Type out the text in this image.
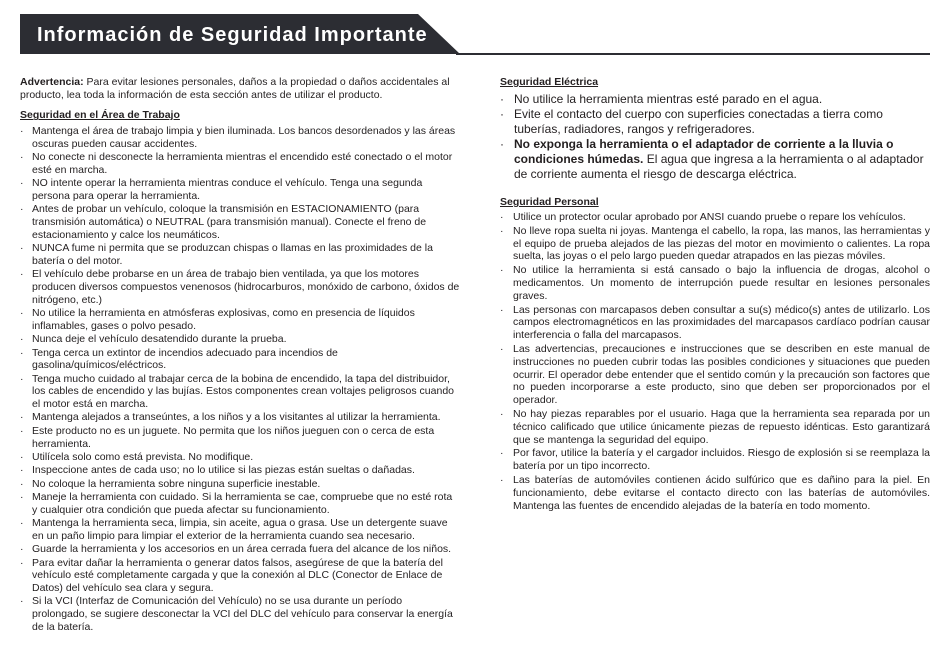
Información de Seguridad Importante

Advertencia: Para evitar lesiones personales, daños a la propiedad o daños accidentales al producto, lea toda la información de esta sección antes de utilizar el producto.

Seguridad en el Área de Trabajo
· Mantenga el área de trabajo limpia y bien iluminada. Los bancos desordenados y las áreas oscuras pueden causar accidentes.
· No conecte ni desconecte la herramienta mientras el encendido esté conectado o el motor esté en marcha.
· NO intente operar la herramienta mientras conduce el vehículo. Tenga una segunda persona para operar la herramienta.
· Antes de probar un vehículo, coloque la transmisión en ESTACIONAMIENTO (para transmisión automática) o NEUTRAL (para transmisión manual). Conecte el freno de estacionamiento y calce los neumáticos.
· NUNCA fume ni permita que se produzcan chispas o llamas en las proximidades de la batería o del motor.
· El vehículo debe probarse en un área de trabajo bien ventilada, ya que los motores producen diversos compuestos venenosos (hidrocarburos, monóxido de carbono, óxidos de nitrógeno, etc.)
· No utilice la herramienta en atmósferas explosivas, como en presencia de líquidos inflamables, gases o polvo pesado.
· Nunca deje el vehículo desatendido durante la prueba.
· Tenga cerca un extintor de incendios adecuado para incendios de gasolina/químicos/eléctricos.
· Tenga mucho cuidado al trabajar cerca de la bobina de encendido, la tapa del distribuidor, los cables de encendido y las bujías. Estos componentes crean voltajes peligrosos cuando el motor está en marcha.
· Mantenga alejados a transeúntes, a los niños y a los visitantes al utilizar la herramienta.
· Este producto no es un juguete. No permita que los niños jueguen con o cerca de esta herramienta.
· Utilícela solo como está prevista. No modifique.
· Inspeccione antes de cada uso; no lo utilice si las piezas están sueltas o dañadas.
· No coloque la herramienta sobre ninguna superficie inestable.
· Maneje la herramienta con cuidado. Si la herramienta se cae, compruebe que no esté rota y cualquier otra condición que pueda afectar su funcionamiento.
· Mantenga la herramienta seca, limpia, sin aceite, agua o grasa. Use un detergente suave en un paño limpio para limpiar el exterior de la herramienta cuando sea necesario.
· Guarde la herramienta y los accesorios en un área cerrada fuera del alcance de los niños.
· Para evitar dañar la herramienta o generar datos falsos, asegúrese de que la batería del vehículo esté completamente cargada y que la conexión al DLC (Conector de Enlace de Datos) del vehículo sea clara y segura.
· Si la VCI (Interfaz de Comunicación del Vehículo) no se usa durante un período prolongado, se sugiere desconectar la VCI del DLC del vehículo para conservar la energía de la batería.
Seguridad Eléctrica
· No utilice la herramienta mientras esté parado en el agua.
· Evite el contacto del cuerpo con superficies conectadas a tierra como tuberías, radiadores, rangos y refrigeradores.
· No exponga la herramienta o el adaptador de corriente a la lluvia o condiciones húmedas. El agua que ingresa a la herramienta o al adaptador de corriente aumenta el riesgo de descarga eléctrica.
Seguridad Personal
· Utilice un protector ocular aprobado por ANSI cuando pruebe o repare los vehículos.
· No lleve ropa suelta ni joyas. Mantenga el cabello, la ropa, las manos, las herramientas y el equipo de prueba alejados de las piezas del motor en movimiento o calientes. La ropa suelta, las joyas o el pelo largo pueden quedar atrapados en las piezas móviles.
· No utilice la herramienta si está cansado o bajo la influencia de drogas, alcohol o medicamentos. Un momento de interrupción puede resultar en lesiones personales graves.
· Las personas con marcapasos deben consultar a su(s) médico(s) antes de utilizarlo. Los campos electromagnéticos en las proximidades del marcapasos cardíaco podrían causar interferencia o falla del marcapasos.
· Las advertencias, precauciones e instrucciones que se describen en este manual de instrucciones no pueden cubrir todas las posibles condiciones y situaciones que pueden ocurrir. El operador debe entender que el sentido común y la precaución son factores que no pueden incorporarse a este producto, sino que deben ser proporcionados por el operador.
· No hay piezas reparables por el usuario. Haga que la herramienta sea reparada por un técnico calificado que utilice únicamente piezas de repuesto idénticas. Esto garantizará que se mantenga la seguridad del equipo.
· Por favor, utilice la batería y el cargador incluidos. Riesgo de explosión si se reemplaza la batería por un tipo incorrecto.
· Las baterías de automóviles contienen ácido sulfúrico que es dañino para la piel. En funcionamiento, debe evitarse el contacto directo con las baterías de automóviles. Mantenga las fuentes de encendido alejadas de la batería en todo momento.
